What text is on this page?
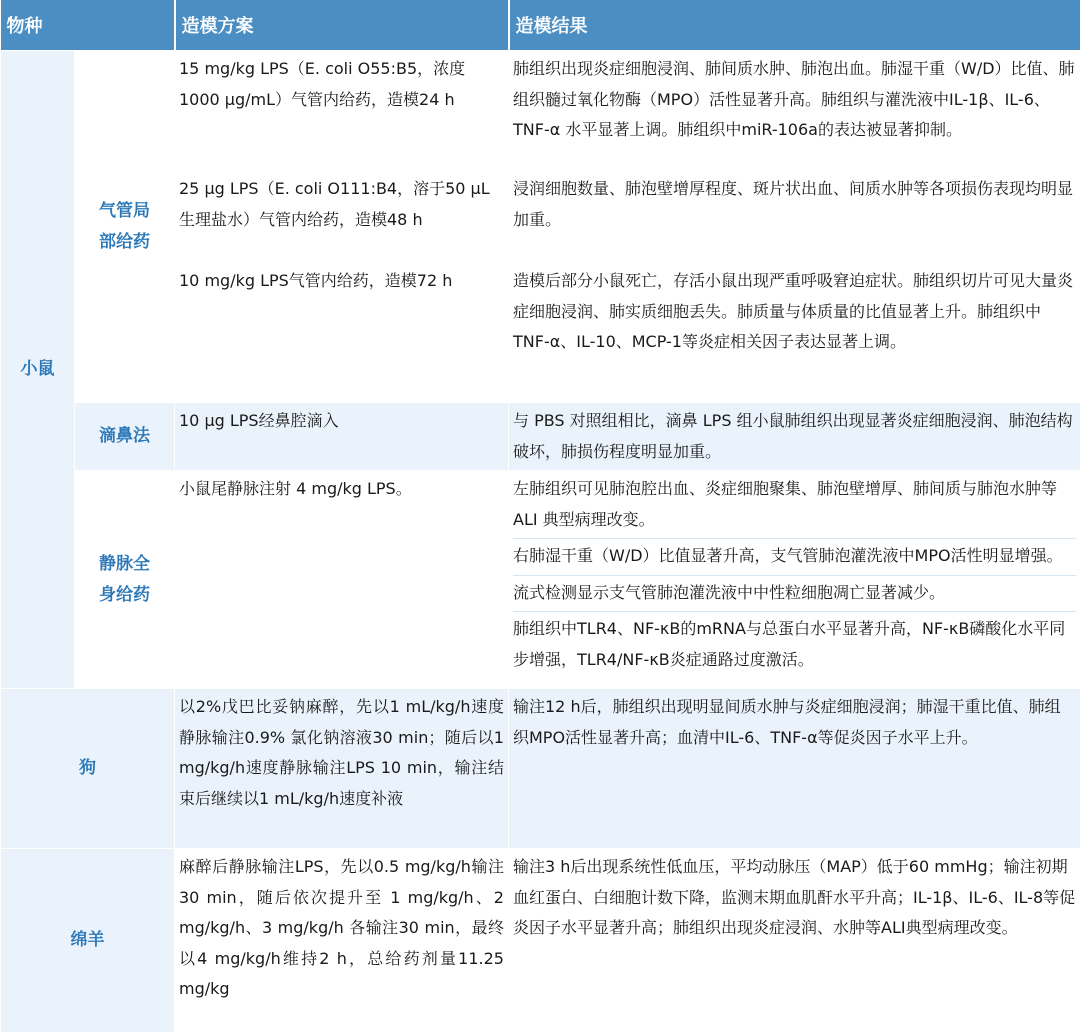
物种		造模方案	造模结果
小鼠	气管局部给药	15 mg/kg LPS（E. coli O55:B5，浓度1000 μg/mL）气管内给药，造模24 h	肺组织出现炎症细胞浸润、肺间质水肿、肺泡出血。肺湿干重（W/D）比值、肺组织髓过氧化物酶（MPO）活性显著升高。肺组织与灌洗液中IL-1β、IL-6、TNF-α 水平显著上调。肺组织中miR-106a的表达被显著抑制。
		25 μg LPS（E. coli O111:B4，溶于50 μL生理盐水）气管内给药，造模48 h	浸润细胞数量、肺泡壁增厚程度、斑片状出血、间质水肿等各项损伤表现均明显加重。
		10 mg/kg LPS气管内给药，造模72 h	造模后部分小鼠死亡，存活小鼠出现严重呼吸窘迫症状。肺组织切片可见大量炎症细胞浸润、肺实质细胞丢失。肺质量与体质量的比值显著上升。肺组织中TNF-α、IL-10、MCP-1等炎症相关因子表达显著上调。
	滴鼻法	10 μg LPS经鼻腔滴入	与 PBS 对照组相比，滴鼻 LPS 组小鼠肺组织出现显著炎症细胞浸润、肺泡结构破坏，肺损伤程度明显加重。
	静脉全身给药	小鼠尾静脉注射 4 mg/kg LPS。	左肺组织可见肺泡腔出血、炎症细胞聚集、肺泡壁增厚、肺间质与肺泡水肿等 ALI 典型病理改变。
右肺湿干重（W/D）比值显著升高，支气管肺泡灌洗液中MPO活性明显增强。
流式检测显示支气管肺泡灌洗液中中性粒细胞凋亡显著减少。
肺组织中TLR4、NF-κB的mRNA与总蛋白水平显著升高，NF-κB磷酸化水平同步增强，TLR4/NF-κB炎症通路过度激活。

狗		以2%戊巴比妥钠麻醉，先以1 mL/kg/h速度静脉输注0.9% 氯化钠溶液30 min；随后以1 mg/kg/h速度静脉输注LPS 10 min，输注结束后继续以1 mL/kg/h速度补液	输注12 h后，肺组织出现明显间质水肿与炎症细胞浸润；肺湿干重比值、肺组织MPO活性显著升高；血清中IL-6、TNF-α等促炎因子水平上升。
绵羊		麻醉后静脉输注LPS，先以0.5 mg/kg/h输注30 min，随后依次提升至 1 mg/kg/h、2 mg/kg/h、3 mg/kg/h 各输注30 min，最终以4 mg/kg/h维持2 h，总给药剂量11.25 mg/kg	输注3 h后出现系统性低血压，平均动脉压（MAP）低于60 mmHg；输注初期血红蛋白、白细胞计数下降，监测末期血肌酐水平升高；IL-1β、IL-6、IL-8等促炎因子水平显著升高；肺组织出现炎症浸润、水肿等ALI典型病理改变。
